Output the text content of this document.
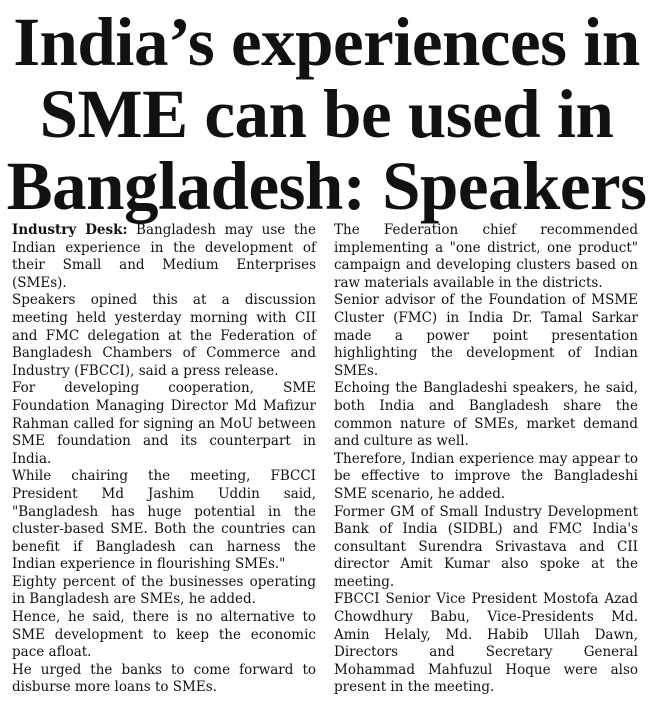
India’s experiences in SME can be used in Bangladesh: Speakers

Industry Desk: Bangladesh may use the Indian experience in the development of their Small and Medium Enterprises (SMEs).

Speakers opined this at a discussion meeting held yesterday morning with CII and FMC delegation at the Federation of Bangladesh Chambers of Commerce and Industry (FBCCI), said a press release.

For developing cooperation, SME Foundation Managing Director Md Mafizur Rahman called for signing an MoU between SME foundation and its counterpart in India.

While chairing the meeting, FBCCI President Md Jashim Uddin said, "Bangladesh has huge potential in the cluster-based SME. Both the countries can benefit if Bangladesh can harness the Indian experience in flourishing SMEs."

Eighty percent of the businesses operating in Bangladesh are SMEs, he added.

Hence, he said, there is no alternative to SME development to keep the economic pace afloat.

He urged the banks to come forward to disburse more loans to SMEs.

The Federation chief recommended implementing a "one district, one product" campaign and developing clusters based on raw materials available in the districts.

Senior advisor of the Foundation of MSME Cluster (FMC) in India Dr. Tamal Sarkar made a power point presentation highlighting the development of Indian SMEs.

Echoing the Bangladeshi speakers, he said, both India and Bangladesh share the common nature of SMEs, market demand and culture as well.

Therefore, Indian experience may appear to be effective to improve the Bangladeshi SME scenario, he added.

Former GM of Small Industry Development Bank of India (SIDBL) and FMC India's consultant Surendra Srivastava and CII director Amit Kumar also spoke at the meeting.

FBCCI Senior Vice President Mostofa Azad Chowdhury Babu, Vice-Presidents Md. Amin Helaly, Md. Habib Ullah Dawn, Directors and Secretary General Mohammad Mahfuzul Hoque were also present in the meeting.
